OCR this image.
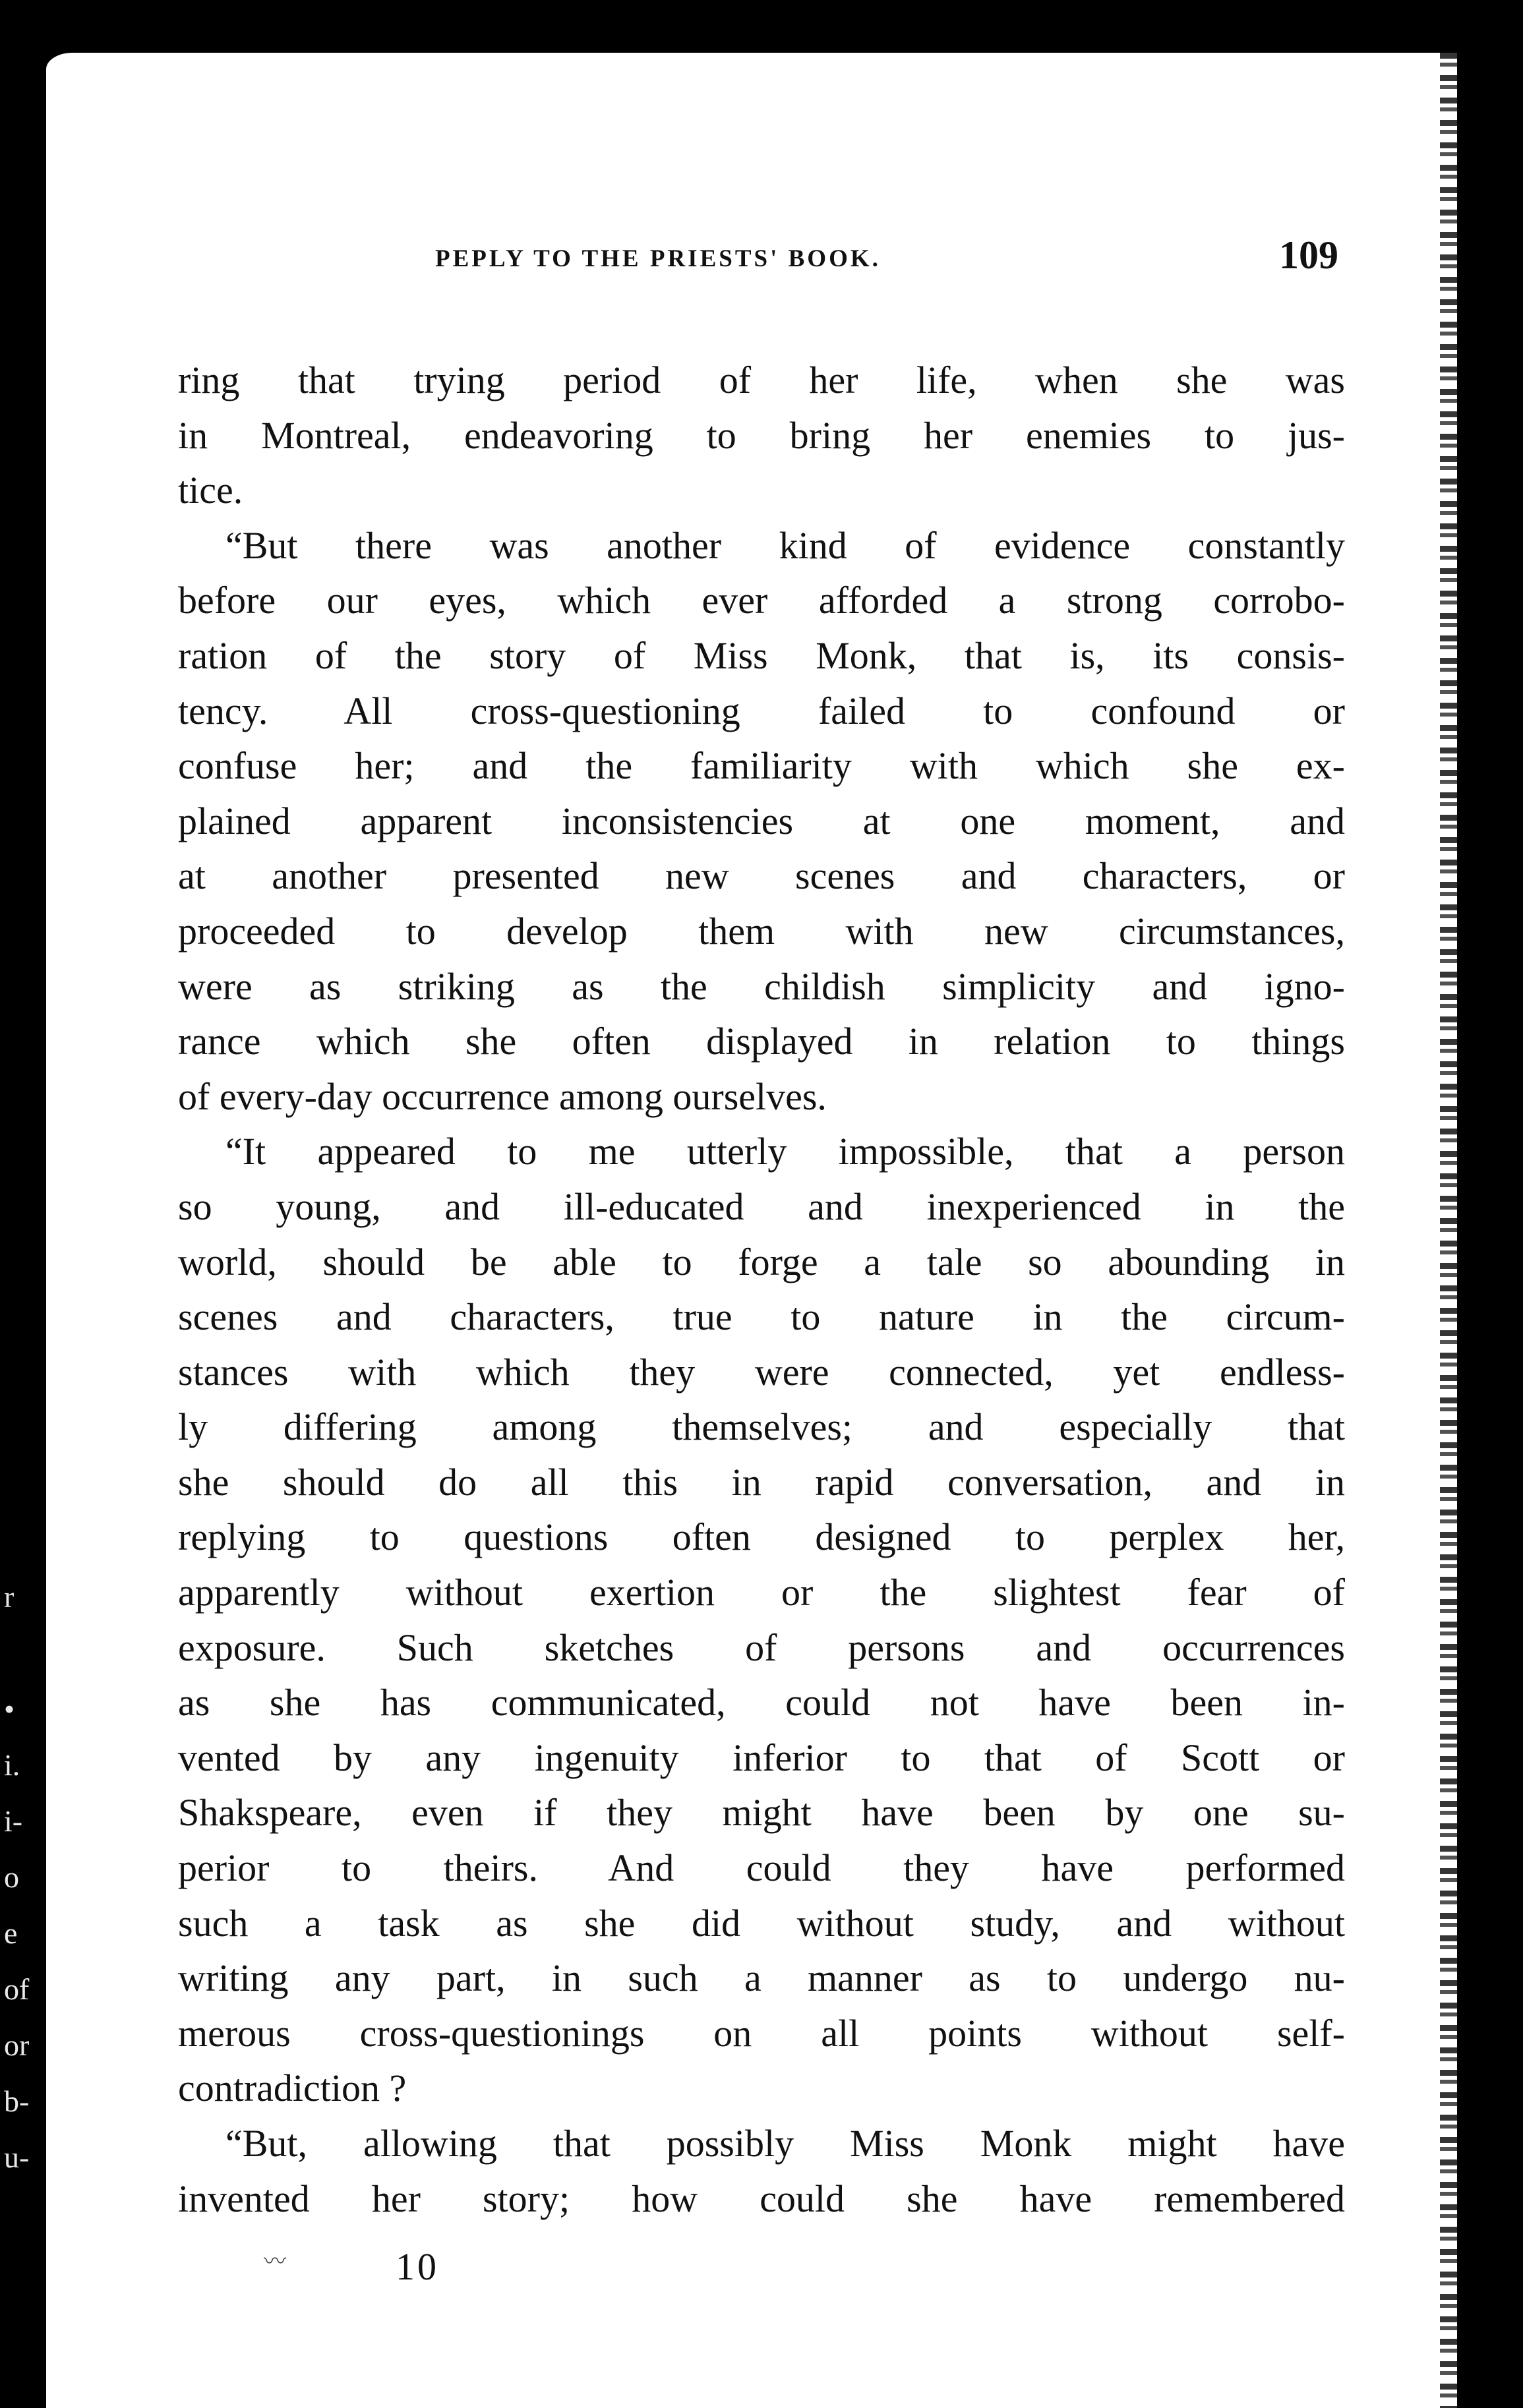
PEPLY TO THE PRIESTS' BOOK.	109
ring that trying period of her life, when she was
in Montreal, endeavoring to bring her enemies to jus-
tice.
“But there was another kind of evidence constantly
before our eyes, which ever afforded a strong corrobo-
ration of the story of Miss Monk, that is, its consis-
tency. All cross-questioning failed to confound or
confuse her; and the familiarity with which she ex-
plained apparent inconsistencies at one moment, and
at another presented new scenes and characters, or
proceeded to develop them with new circumstances,
were as striking as the childish simplicity and igno-
rance which she often displayed in relation to things
of every-day occurrence among ourselves.
“It appeared to me utterly impossible, that a person
so young, and ill-educated and inexperienced in the
world, should be able to forge a tale so abounding in
scenes and characters, true to nature in the circum-
stances with which they were connected, yet endless-
ly differing among themselves; and especially that
she should do all this in rapid conversation, and in
replying to questions often designed to perplex her,
apparently without exertion or the slightest fear of
exposure. Such sketches of persons and occurrences
as she has communicated, could not have been in-
vented by any ingenuity inferior to that of Scott or
Shakspeare, even if they might have been by one su-
perior to theirs. And could they have performed
such a task as she did without study, and without
writing any part, in such a manner as to undergo nu-
merous cross-questionings on all points without self-
contradiction ?
“But, allowing that possibly Miss Monk might have
invented her story; how could she have remembered
〰	10
r
•
i.
i-
o
e
of
or
b-
u-
